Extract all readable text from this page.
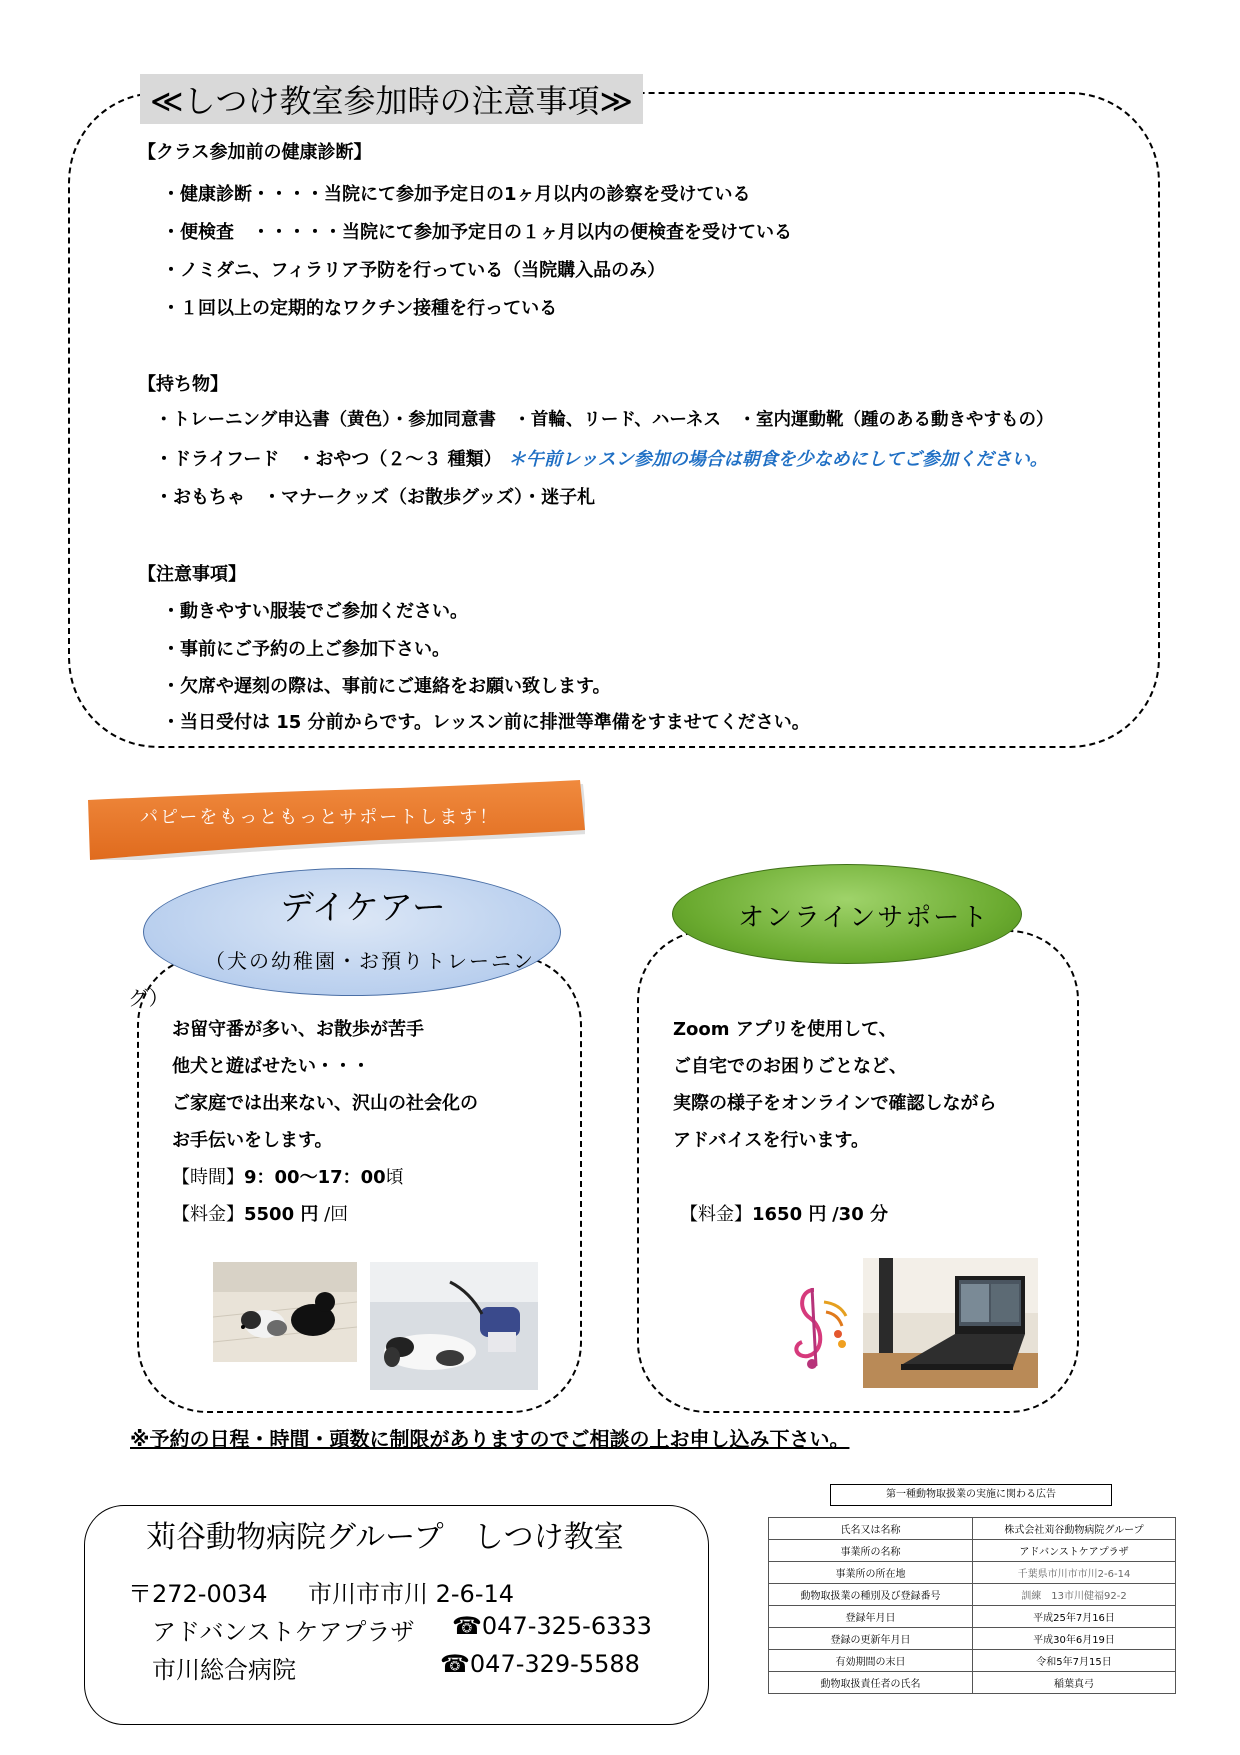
≪しつけ教室参加時の注意事項≫
【クラス参加前の健康診断】
・健康診断・・・・当院にて参加予定日の1ヶ月以内の診察を受けている
・便検査　・・・・・当院にて参加予定日の１ヶ月以内の便検査を受けている
・ノミダニ、フィラリア予防を行っている（当院購入品のみ）
・１回以上の定期的なワクチン接種を行っている
【持ち物】
・トレーニング申込書（黄色）・参加同意書　・首輪、リード、ハーネス　・室内運動靴（踵のある動きやすもの）
・ドライフード　・おやつ（２～３ 種類） ＊午前レッスン参加の場合は朝食を少なめにしてご参加ください。
・おもちゃ　・マナークッズ（お散歩グッズ）・迷子札
【注意事項】
・動きやすい服装でご参加ください。
・事前にご予約の上ご参加下さい。
・欠席や遅刻の際は、事前にご連絡をお願い致します。
・当日受付は 15 分前からです。レッスン前に排泄等準備をすませてください。
パピーをもっともっとサポートします！
デイケアー
（犬の幼稚園・お預りトレーニン
グ）
お留守番が多い、お散歩が苦手
他犬と遊ばせたい・・・
ご家庭では出来ない、沢山の社会化の
お手伝いをします。
【時間】9：00～17：00頃
【料金】5500 円 /回
オンラインサポート
Zoom アプリを使用して、
ご自宅でのお困りごとなど、
実際の様子をオンラインで確認しながら
アドバイスを行います。
【料金】1650 円 /30 分
※予約の日程・時間・頭数に制限がありますのでご相談の上お申し込み下さい。
苅谷動物病院グループ　しつけ教室
〒272-0034 市川市市川 2-6-14
アドバンストケアプラザ ☎047-325-6333
市川総合病院	☎047-329-5588
第一種動物取扱業の実施に関わる広告
氏名又は名称	株式会社苅谷動物病院グループ
事業所の名称	アドバンストケアプラザ
事業所の所在地	千葉県市川市市川2-6-14
動物取扱業の種別及び登録番号	訓練　13市川健福92-2
登録年月日	平成25年7月16日
登録の更新年月日	平成30年6月19日
有効期間の末日	令和5年7月15日
動物取扱責任者の氏名	稲葉真弓
